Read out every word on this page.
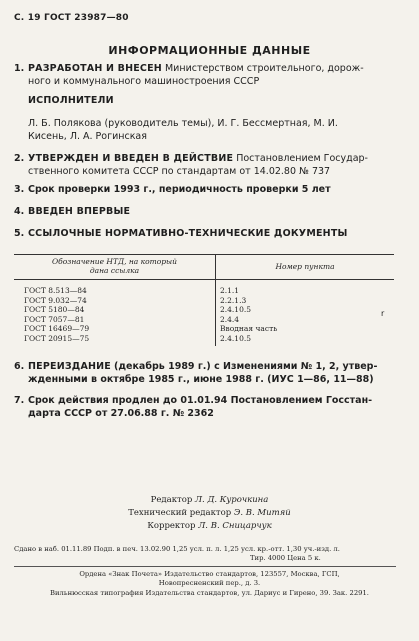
С. 19 ГОСТ 23987—80
ИНФОРМАЦИОННЫЕ ДАННЫЕ
1. РАЗРАБОТАН И ВНЕСЕН Министерством строительного, дорож-
ного и коммунального машиностроения СССР
ИСПОЛНИТЕЛИ
Л. Б. Полякова (руководитель темы), И. Г. Бессмертная, М. И.
Кисень, Л. А. Рогинская
2. УТВЕРЖДЕН И ВВЕДЕН В ДЕЙСТВИЕ Постановлением Государ-
ственного комитета СССР по стандартам от 14.02.80 № 737
3. Срок проверки 1993 г., периодичность проверки 5 лет
4. ВВЕДЕН ВПЕРВЫЕ
5. ССЫЛОЧНЫЕ НОРМАТИВНО-ТЕХНИЧЕСКИЕ ДОКУМЕНТЫ
Обозначение НТД, на который
дана ссылка	Номер пункта
ГОСТ 8.513—84	2.1.1
ГОСТ 9.032—74	2.2.1.3
ГОСТ 5180—84	2.4.10.5
ГОСТ 7057—81	2.4.4
ГОСТ 16469—79	Вводная часть
ГОСТ 20915—75	2.4.10.5
r
6. ПЕРЕИЗДАНИЕ (декабрь 1989 г.) с Изменениями № 1, 2, утвер-
жденными в октябре 1985 г., июне 1988 г. (ИУС 1—86, 11—88)
7. Срок действия продлен до 01.01.94 Постановлением Госстан-
дарта СССР от 27.06.88 г. № 2362
Редактор Л. Д. Курочкина
Технический редактор Э. В. Митяй
Корректор Л. В. Сницарчук
Сдано в наб. 01.11.89 Подп. в печ. 13.02.90 1,25 усл. п. л. 1,25 усл. кр.-отт. 1,30 уч.-изд. л.
Тир. 4000 Цена 5 к.
Ордена «Знак Почета» Издательство стандартов, 123557, Москва, ГСП,
Новопресненский пер., д. 3.
Вильнюсская типография Издательства стандартов, ул. Дариус и Гирено, 39. Зак. 2291.
